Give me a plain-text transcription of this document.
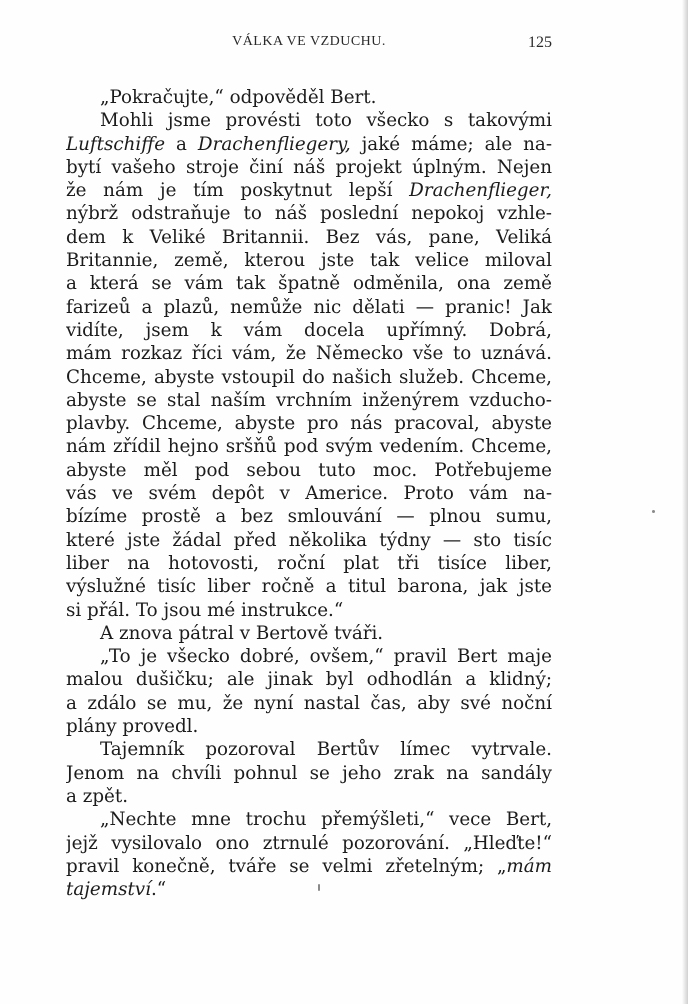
VÁLKA VE VZDUCHU.	125
„Pokračujte,“ odpověděl Bert.
Mohli jsme provésti toto všecko s takovými
Luftschiffe a Drachenfliegery, jaké máme; ale na-
bytí vašeho stroje činí náš projekt úplným. Nejen
že nám je tím poskytnut lepší Drachenflieger,
nýbrž odstraňuje to náš poslední nepokoj vzhle-
dem k Veliké Britannii. Bez vás, pane, Veliká
Britannie, země, kterou jste tak velice miloval
a která se vám tak špatně odměnila, ona země
farizeů a plazů, nemůže nic dělati — pranic! Jak
vidíte, jsem k vám docela upřímný. Dobrá,
mám rozkaz říci vám, že Německo vše to uznává.
Chceme, abyste vstoupil do našich služeb. Chceme,
abyste se stal naším vrchním inženýrem vzducho-
plavby. Chceme, abyste pro nás pracoval, abyste
nám zřídil hejno sršňů pod svým vedením. Chceme,
abyste měl pod sebou tuto moc. Potřebujeme
vás ve svém depôt v Americe. Proto vám na-
bízíme prostě a bez smlouvání — plnou sumu,
které jste žádal před několika týdny — sto tisíc
liber na hotovosti, roční plat tři tisíce liber,
výslužné tisíc liber ročně a titul barona, jak jste
si přál. To jsou mé instrukce.“
A znova pátral v Bertově tváři.
„To je všecko dobré, ovšem,“ pravil Bert maje
malou dušičku; ale jinak byl odhodlán a klidný;
a zdálo se mu, že nyní nastal čas, aby své noční
plány provedl.
Tajemník pozoroval Bertův límec vytrvale.
Jenom na chvíli pohnul se jeho zrak na sandály
a zpět.
„Nechte mne trochu přemýšleti,“ vece Bert,
jejž vysilovalo ono ztrnulé pozorování. „Hleďte!“
pravil konečně, tváře se velmi zřetelným; „mám
tajemství.“
